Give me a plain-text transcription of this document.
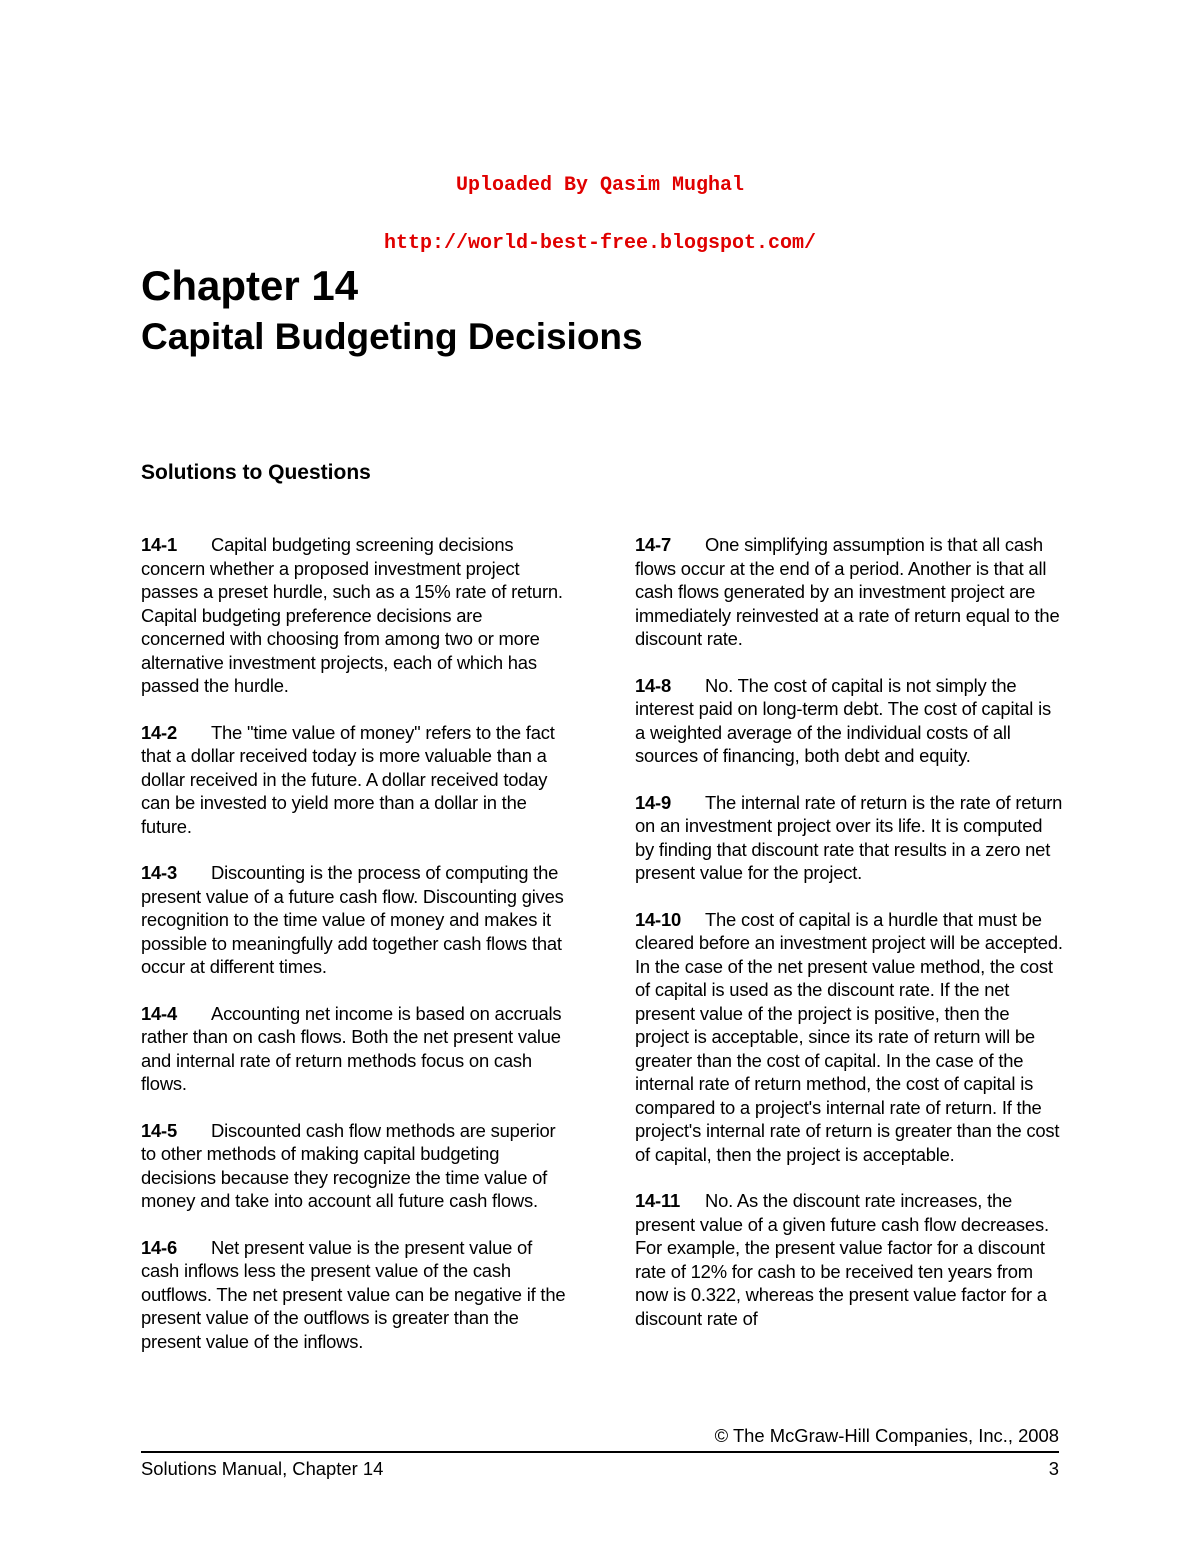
Uploaded By Qasim Mughal
http://world-best-free.blogspot.com/
Chapter 14
Capital Budgeting Decisions
Solutions to Questions

14-1 Capital budgeting screening decisions concern whether a proposed investment project passes a preset hurdle, such as a 15% rate of return. Capital budgeting preference decisions are concerned with choosing from among two or more alternative investment projects, each of which has passed the hurdle.

14-2 The "time value of money" refers to the fact that a dollar received today is more valuable than a dollar received in the future. A dollar received today can be invested to yield more than a dollar in the future.

14-3 Discounting is the process of computing the present value of a future cash flow. Discounting gives recognition to the time value of money and makes it possible to meaningfully add together cash flows that occur at different times.

14-4 Accounting net income is based on accruals rather than on cash flows. Both the net present value and internal rate of return methods focus on cash flows.

14-5 Discounted cash flow methods are superior to other methods of making capital budgeting decisions because they recognize the time value of money and take into account all future cash flows.

14-6 Net present value is the present value of cash inflows less the present value of the cash outflows. The net present value can be negative if the present value of the outflows is greater than the present value of the inflows.

14-7 One simplifying assumption is that all cash flows occur at the end of a period. Another is that all cash flows generated by an investment project are immediately reinvested at a rate of return equal to the discount rate.

14-8 No. The cost of capital is not simply the interest paid on long-term debt. The cost of capital is a weighted average of the individual costs of all sources of financing, both debt and equity.

14-9 The internal rate of return is the rate of return on an investment project over its life. It is computed by finding that discount rate that results in a zero net present value for the project.

14-10 The cost of capital is a hurdle that must be cleared before an investment project will be accepted. In the case of the net present value method, the cost of capital is used as the discount rate. If the net present value of the project is positive, then the project is acceptable, since its rate of return will be greater than the cost of capital. In the case of the internal rate of return method, the cost of capital is compared to a project's internal rate of return. If the project's internal rate of return is greater than the cost of capital, then the project is acceptable.

14-11 No. As the discount rate increases, the present value of a given future cash flow decreases. For example, the present value factor for a discount rate of 12% for cash to be received ten years from now is 0.322, whereas the present value factor for a discount rate of

© The McGraw-Hill Companies, Inc., 2008
Solutions Manual, Chapter 14	3
